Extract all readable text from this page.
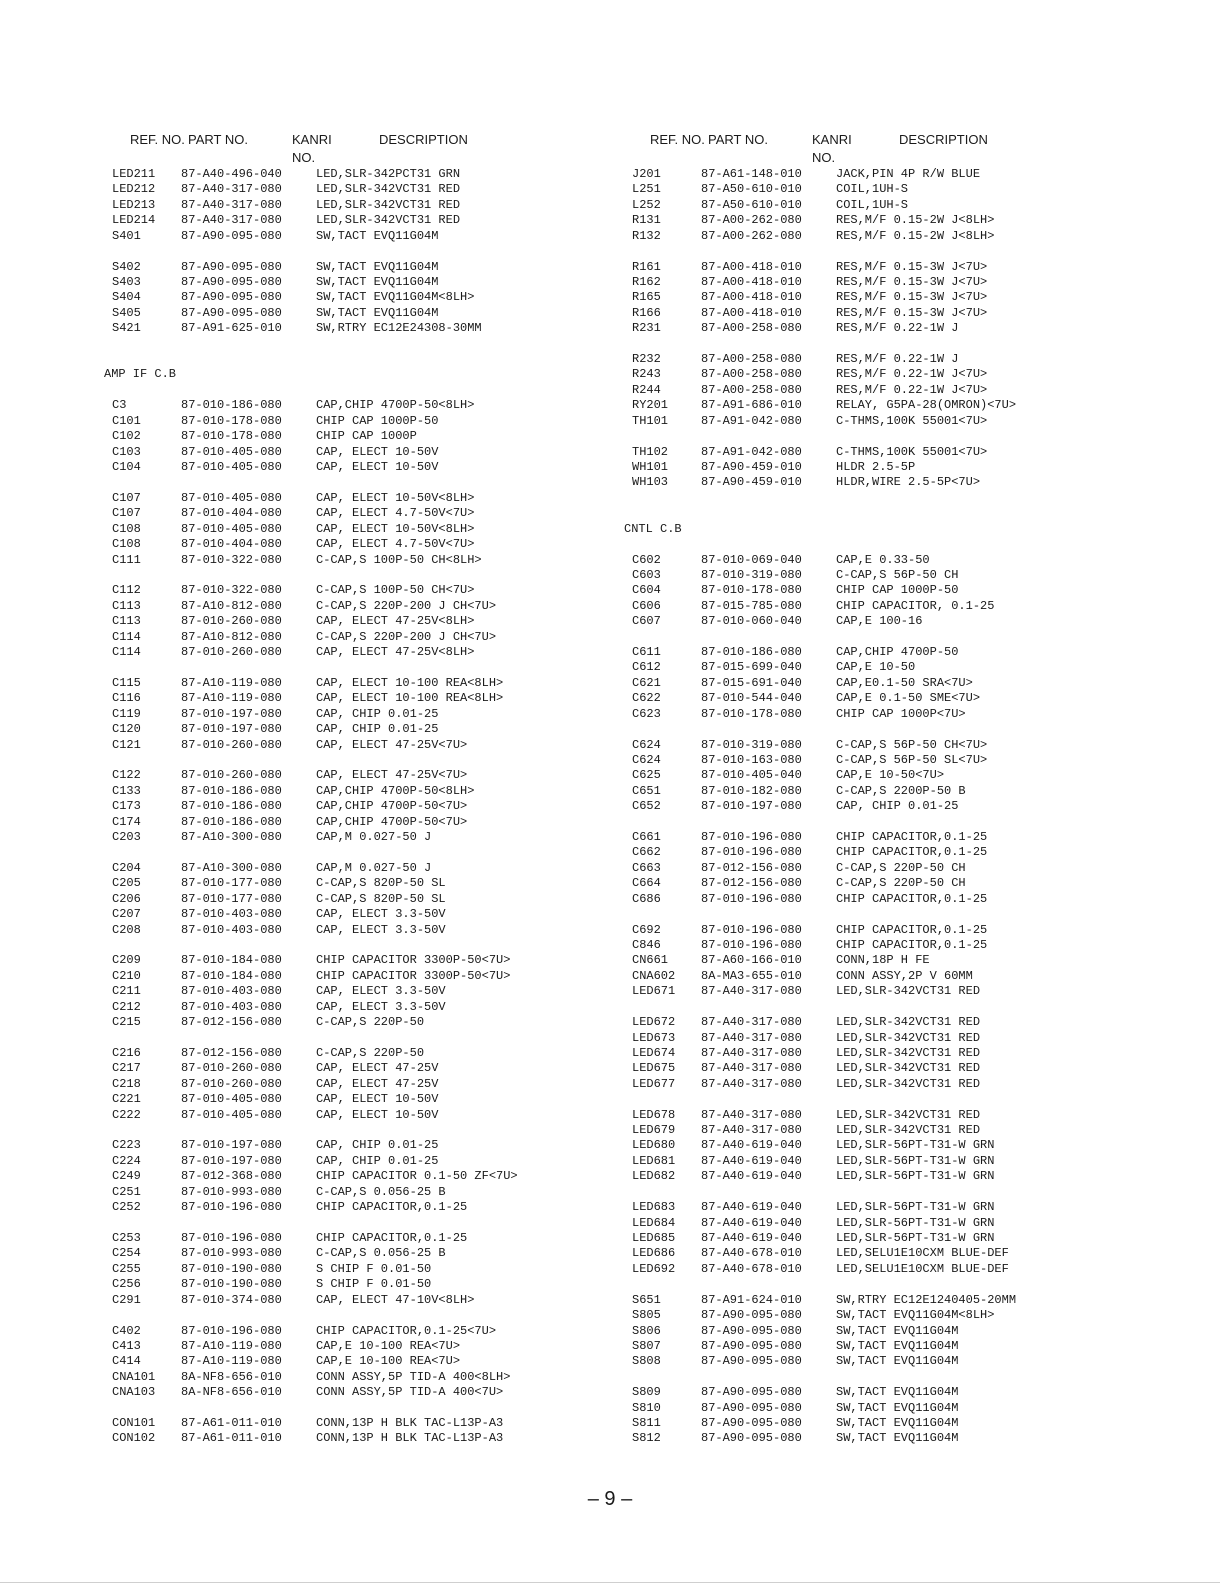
REF. NO. PART NO.	KANRI
NO.
DESCRIPTION
LED211 87-A40-496-040	LED,SLR-342PCT31 GRN
LED212 87-A40-317-080	LED,SLR-342VCT31 RED
LED213 87-A40-317-080	LED,SLR-342VCT31 RED
LED214 87-A40-317-080	LED,SLR-342VCT31 RED
S401	87-A90-095-080	SW,TACT EVQ11G04M
S402	87-A90-095-080	SW,TACT EVQ11G04M
S403	87-A90-095-080	SW,TACT EVQ11G04M
S404	87-A90-095-080	SW,TACT EVQ11G04M<8LH>
S405	87-A90-095-080	SW,TACT EVQ11G04M
S421	87-A91-625-010	SW,RTRY EC12E24308-30MM
AMP IF C.B
C3	87-010-186-080	CAP,CHIP 4700P-50<8LH>
C101	87-010-178-080	CHIP CAP 1000P-50
C102	87-010-178-080	CHIP CAP 1000P
C103	87-010-405-080	CAP, ELECT 10-50V
C104	87-010-405-080	CAP, ELECT 10-50V
C107	87-010-405-080	CAP, ELECT 10-50V<8LH>
C107	87-010-404-080	CAP, ELECT 4.7-50V<7U>
C108	87-010-405-080	CAP, ELECT 10-50V<8LH>
C108	87-010-404-080	CAP, ELECT 4.7-50V<7U>
C111	87-010-322-080	C-CAP,S 100P-50 CH<8LH>
C112	87-010-322-080	C-CAP,S 100P-50 CH<7U>
C113	87-A10-812-080	C-CAP,S 220P-200 J CH<7U>
C113	87-010-260-080	CAP, ELECT 47-25V<8LH>
C114	87-A10-812-080	C-CAP,S 220P-200 J CH<7U>
C114	87-010-260-080	CAP, ELECT 47-25V<8LH>
C115	87-A10-119-080	CAP, ELECT 10-100 REA<8LH>
C116	87-A10-119-080	CAP, ELECT 10-100 REA<8LH>
C119	87-010-197-080	CAP, CHIP 0.01-25
C120	87-010-197-080	CAP, CHIP 0.01-25
C121	87-010-260-080	CAP, ELECT 47-25V<7U>
C122	87-010-260-080	CAP, ELECT 47-25V<7U>
C133	87-010-186-080	CAP,CHIP 4700P-50<8LH>
C173	87-010-186-080	CAP,CHIP 4700P-50<7U>
C174	87-010-186-080	CAP,CHIP 4700P-50<7U>
C203	87-A10-300-080	CAP,M 0.027-50 J
C204	87-A10-300-080	CAP,M 0.027-50 J
C205	87-010-177-080	C-CAP,S 820P-50 SL
C206	87-010-177-080	C-CAP,S 820P-50 SL
C207	87-010-403-080	CAP, ELECT 3.3-50V
C208	87-010-403-080	CAP, ELECT 3.3-50V
C209	87-010-184-080	CHIP CAPACITOR 3300P-50<7U>
C210	87-010-184-080	CHIP CAPACITOR 3300P-50<7U>
C211	87-010-403-080	CAP, ELECT 3.3-50V
C212	87-010-403-080	CAP, ELECT 3.3-50V
C215	87-012-156-080	C-CAP,S 220P-50
C216	87-012-156-080	C-CAP,S 220P-50
C217	87-010-260-080	CAP, ELECT 47-25V
C218	87-010-260-080	CAP, ELECT 47-25V
C221	87-010-405-080	CAP, ELECT 10-50V
C222	87-010-405-080	CAP, ELECT 10-50V
C223	87-010-197-080	CAP, CHIP 0.01-25
C224	87-010-197-080	CAP, CHIP 0.01-25
C249	87-012-368-080	CHIP CAPACITOR 0.1-50 ZF<7U>
C251	87-010-993-080	C-CAP,S 0.056-25 B
C252	87-010-196-080	CHIP CAPACITOR,0.1-25
C253	87-010-196-080	CHIP CAPACITOR,0.1-25
C254	87-010-993-080	C-CAP,S 0.056-25 B
C255	87-010-190-080	S CHIP F 0.01-50
C256	87-010-190-080	S CHIP F 0.01-50
C291	87-010-374-080	CAP, ELECT 47-10V<8LH>
C402	87-010-196-080	CHIP CAPACITOR,0.1-25<7U>
C413	87-A10-119-080	CAP,E 10-100 REA<7U>
C414	87-A10-119-080	CAP,E 10-100 REA<7U>
CNA101 8A-NF8-656-010	CONN ASSY,5P TID-A 400<8LH>
CNA103 8A-NF8-656-010	CONN ASSY,5P TID-A 400<7U>
CON101 87-A61-011-010	CONN,13P H BLK TAC-L13P-A3
CON102 87-A61-011-010	CONN,13P H BLK TAC-L13P-A3
REF. NO. PART NO.	KANRI
NO.
DESCRIPTION
J201	87-A61-148-010	JACK,PIN 4P R/W BLUE
L251	87-A50-610-010	COIL,1UH-S
L252	87-A50-610-010	COIL,1UH-S
R131	87-A00-262-080	RES,M/F 0.15-2W J<8LH>
R132	87-A00-262-080	RES,M/F 0.15-2W J<8LH>
R161	87-A00-418-010	RES,M/F 0.15-3W J<7U>
R162	87-A00-418-010	RES,M/F 0.15-3W J<7U>
R165	87-A00-418-010	RES,M/F 0.15-3W J<7U>
R166	87-A00-418-010	RES,M/F 0.15-3W J<7U>
R231	87-A00-258-080	RES,M/F 0.22-1W J
R232	87-A00-258-080	RES,M/F 0.22-1W J
R243	87-A00-258-080	RES,M/F 0.22-1W J<7U>
R244	87-A00-258-080	RES,M/F 0.22-1W J<7U>
RY201	87-A91-686-010	RELAY, G5PA-28(OMRON)<7U>
TH101	87-A91-042-080	C-THMS,100K 55001<7U>
TH102	87-A91-042-080	C-THMS,100K 55001<7U>
WH101	87-A90-459-010	HLDR 2.5-5P
WH103	87-A90-459-010	HLDR,WIRE 2.5-5P<7U>
CNTL C.B
C602	87-010-069-040	CAP,E 0.33-50
C603	87-010-319-080	C-CAP,S 56P-50 CH
C604	87-010-178-080	CHIP CAP 1000P-50
C606	87-015-785-080	CHIP CAPACITOR, 0.1-25
C607	87-010-060-040	CAP,E 100-16
C611	87-010-186-080	CAP,CHIP 4700P-50
C612	87-015-699-040	CAP,E 10-50
C621	87-015-691-040	CAP,E0.1-50 SRA<7U>
C622	87-010-544-040	CAP,E 0.1-50 SME<7U>
C623	87-010-178-080	CHIP CAP 1000P<7U>
C624	87-010-319-080	C-CAP,S 56P-50 CH<7U>
C624	87-010-163-080	C-CAP,S 56P-50 SL<7U>
C625	87-010-405-040	CAP,E 10-50<7U>
C651	87-010-182-080	C-CAP,S 2200P-50 B
C652	87-010-197-080	CAP, CHIP 0.01-25
C661	87-010-196-080	CHIP CAPACITOR,0.1-25
C662	87-010-196-080	CHIP CAPACITOR,0.1-25
C663	87-012-156-080	C-CAP,S 220P-50 CH
C664	87-012-156-080	C-CAP,S 220P-50 CH
C686	87-010-196-080	CHIP CAPACITOR,0.1-25
C692	87-010-196-080	CHIP CAPACITOR,0.1-25
C846	87-010-196-080	CHIP CAPACITOR,0.1-25
CN661	87-A60-166-010	CONN,18P H FE
CNA602 8A-MA3-655-010	CONN ASSY,2P V 60MM
LED671 87-A40-317-080	LED,SLR-342VCT31 RED
LED672 87-A40-317-080	LED,SLR-342VCT31 RED
LED673 87-A40-317-080	LED,SLR-342VCT31 RED
LED674 87-A40-317-080	LED,SLR-342VCT31 RED
LED675 87-A40-317-080	LED,SLR-342VCT31 RED
LED677 87-A40-317-080	LED,SLR-342VCT31 RED
LED678 87-A40-317-080	LED,SLR-342VCT31 RED
LED679 87-A40-317-080	LED,SLR-342VCT31 RED
LED680 87-A40-619-040	LED,SLR-56PT-T31-W GRN
LED681 87-A40-619-040	LED,SLR-56PT-T31-W GRN
LED682 87-A40-619-040	LED,SLR-56PT-T31-W GRN
LED683 87-A40-619-040	LED,SLR-56PT-T31-W GRN
LED684 87-A40-619-040	LED,SLR-56PT-T31-W GRN
LED685 87-A40-619-040	LED,SLR-56PT-T31-W GRN
LED686 87-A40-678-010	LED,SELU1E10CXM BLUE-DEF
LED692 87-A40-678-010	LED,SELU1E10CXM BLUE-DEF
S651	87-A91-624-010	SW,RTRY EC12E1240405-20MM
S805	87-A90-095-080	SW,TACT EVQ11G04M<8LH>
S806	87-A90-095-080	SW,TACT EVQ11G04M
S807	87-A90-095-080	SW,TACT EVQ11G04M
S808	87-A90-095-080	SW,TACT EVQ11G04M
S809	87-A90-095-080	SW,TACT EVQ11G04M
S810	87-A90-095-080	SW,TACT EVQ11G04M
S811	87-A90-095-080	SW,TACT EVQ11G04M
S812	87-A90-095-080	SW,TACT EVQ11G04M
– 9 –
